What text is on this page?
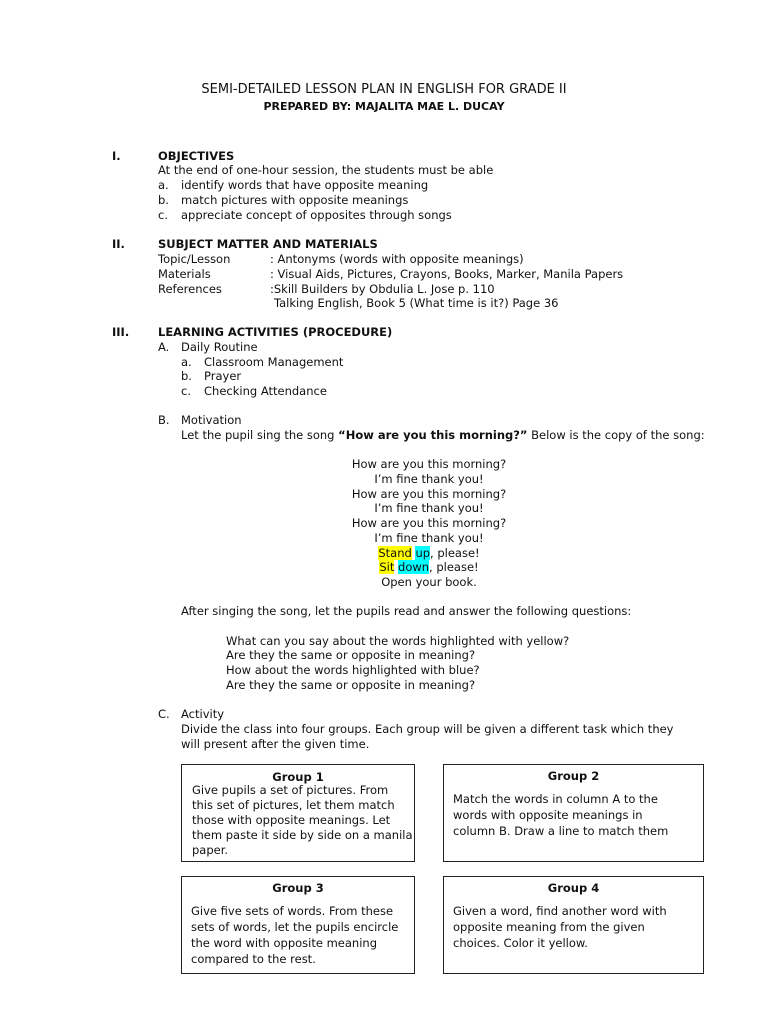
SEMI-DETAILED LESSON PLAN IN ENGLISH FOR GRADE II
PREPARED BY: MAJALITA MAE L. DUCAY
I.	OBJECTIVES
At the end of one-hour session, the students must be able
a. identify words that have opposite meaning
b. match pictures with opposite meanings
c. appreciate concept of opposites through songs
II.	SUBJECT MATTER AND MATERIALS
Topic/Lesson	: Antonyms (words with opposite meanings)
Materials	: Visual Aids, Pictures, Crayons, Books, Marker, Manila Papers
References	:Skill Builders by Obdulia L. Jose p. 110
Talking English, Book 5 (What time is it?) Page 36
III.	LEARNING ACTIVITIES (PROCEDURE)
A. Daily Routine
a. Classroom Management
b. Prayer
c. Checking Attendance
B. Motivation
Let the pupil sing the song “How are you this morning?” Below is the copy of the song:
How are you this morning?
I’m fine thank you!
How are you this morning?
I’m fine thank you!
How are you this morning?
I’m fine thank you!
Stand up, please!
Sit down, please!
Open your book.
After singing the song, let the pupils read and answer the following questions:
What can you say about the words highlighted with yellow?
Are they the same or opposite in meaning?
How about the words highlighted with blue?
Are they the same or opposite in meaning?
C. Activity
Divide the class into four groups. Each group will be given a different task which they
will present after the given time.
Group 1
Give pupils a set of pictures. From
this set of pictures, let them match
those with opposite meanings. Let
them paste it side by side on a manila
paper.
Group 2
Match the words in column A to the
words with opposite meanings in
column B. Draw a line to match them
Group 3
Give five sets of words. From these
sets of words, let the pupils encircle
the word with opposite meaning
compared to the rest.
Group 4
Given a word, find another word with
opposite meaning from the given
choices. Color it yellow.
